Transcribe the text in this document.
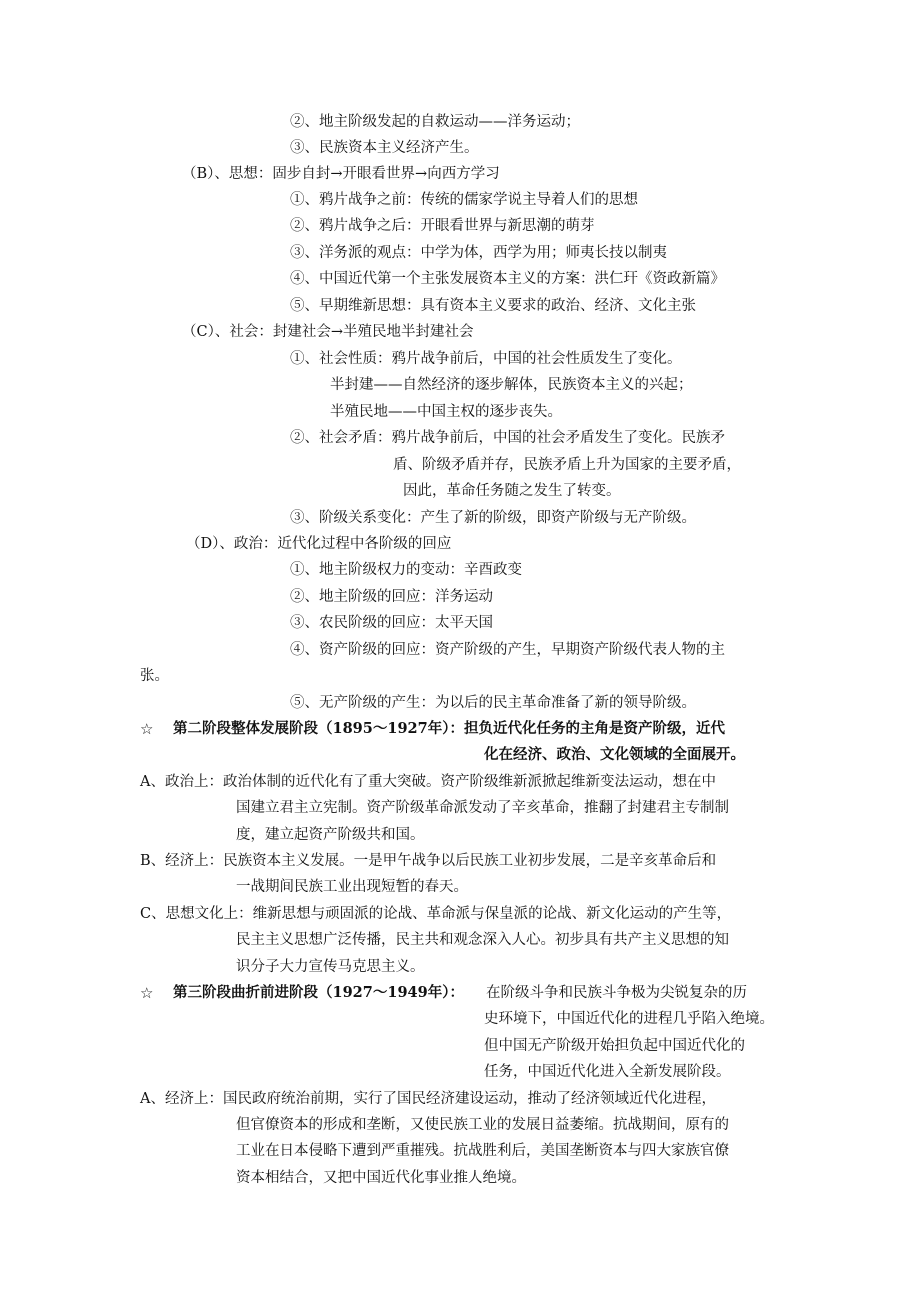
②、地主阶级发起的自救运动——洋务运动；
③、民族资本主义经济产生。
（B）、思想：固步自封→开眼看世界→向西方学习
①、鸦片战争之前：传统的儒家学说主导着人们的思想
②、鸦片战争之后：开眼看世界与新思潮的萌芽
③、洋务派的观点：中学为体，西学为用；师夷长技以制夷
④、中国近代第一个主张发展资本主义的方案：洪仁玕《资政新篇》
⑤、早期维新思想：具有资本主义要求的政治、经济、文化主张
（C）、社会：封建社会→半殖民地半封建社会
①、社会性质：鸦片战争前后，中国的社会性质发生了变化。
半封建——自然经济的逐步解体，民族资本主义的兴起；
半殖民地——中国主权的逐步丧失。
②、社会矛盾：鸦片战争前后，中国的社会矛盾发生了变化。民族矛
盾、阶级矛盾并存，民族矛盾上升为国家的主要矛盾，
因此，革命任务随之发生了转变。
③、阶级关系变化：产生了新的阶级，即资产阶级与无产阶级。
（D）、政治：近代化过程中各阶级的回应
①、地主阶级权力的变动：辛酉政变
②、地主阶级的回应：洋务运动
③、农民阶级的回应：太平天国
④、资产阶级的回应：资产阶级的产生，早期资产阶级代表人物的主
张。
⑤、无产阶级的产生：为以后的民主革命准备了新的领导阶级。
☆ 第二阶段整体发展阶段（1895～1927年）：担负近代化任务的主角是资产阶级，近代
化在经济、政治、文化领域的全面展开。
A、政治上：政治体制的近代化有了重大突破。资产阶级维新派掀起维新变法运动，想在中
国建立君主立宪制。资产阶级革命派发动了辛亥革命，推翻了封建君主专制制
度，建立起资产阶级共和国。
B、经济上：民族资本主义发展。一是甲午战争以后民族工业初步发展，二是辛亥革命后和
一战期间民族工业出现短暂的春天。
C、思想文化上：维新思想与顽固派的论战、革命派与保皇派的论战、新文化运动的产生等，
民主主义思想广泛传播，民主共和观念深入人心。初步具有共产主义思想的知
识分子大力宣传马克思主义。
☆ 第三阶段曲折前进阶段（1927～1949年）： 在阶级斗争和民族斗争极为尖锐复杂的历
史环境下，中国近代化的进程几乎陷入绝境。
但中国无产阶级开始担负起中国近代化的
任务，中国近代化进入全新发展阶段。
A、经济上：国民政府统治前期，实行了国民经济建设运动，推动了经济领域近代化进程，
但官僚资本的形成和垄断，又使民族工业的发展日益萎缩。抗战期间，原有的
工业在日本侵略下遭到严重摧残。抗战胜利后，美国垄断资本与四大家族官僚
资本相结合，又把中国近代化事业推人绝境。
